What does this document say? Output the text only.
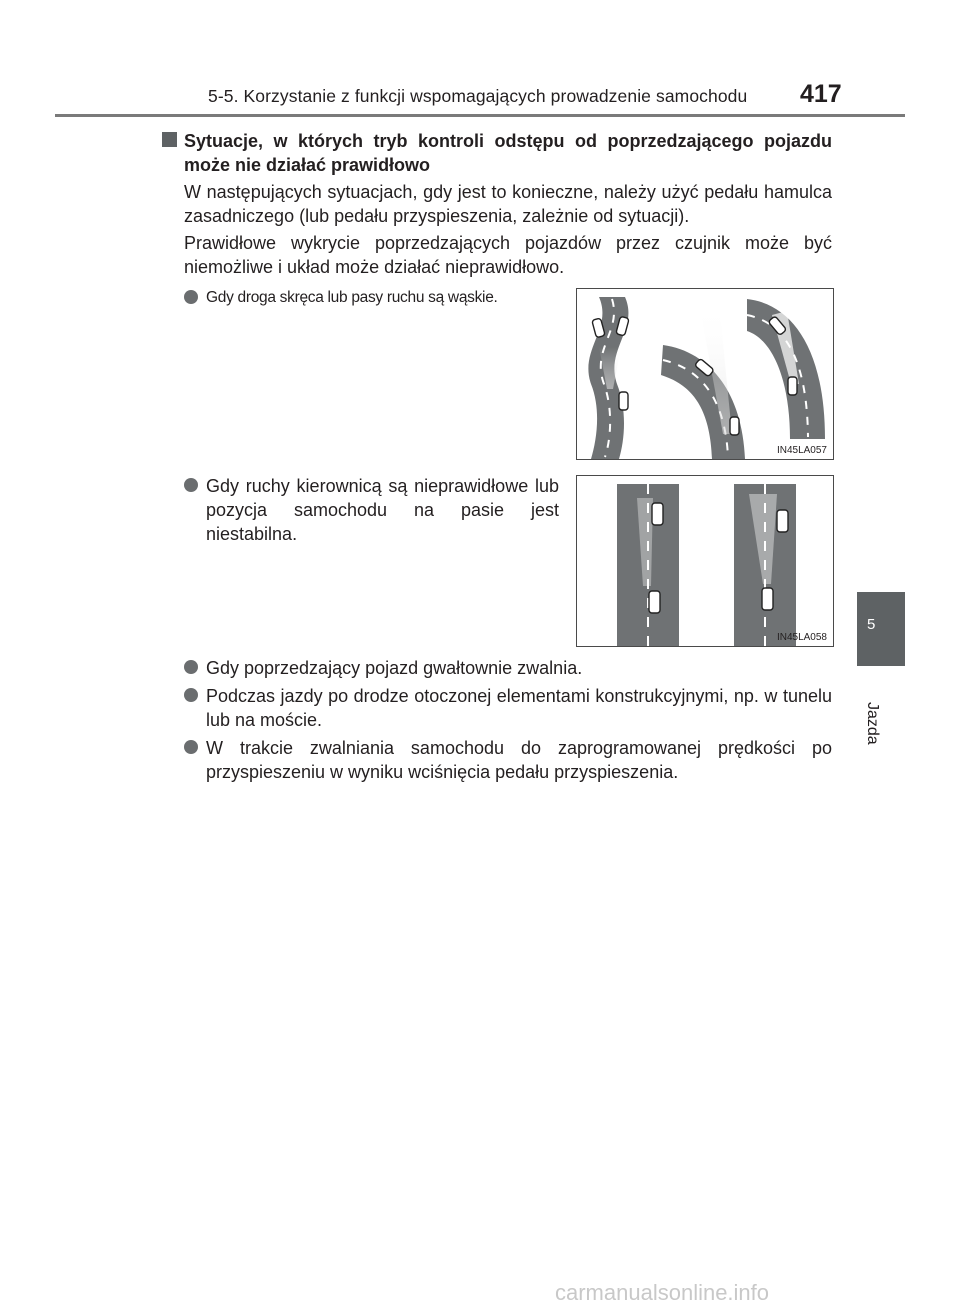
5-5. Korzystanie z funkcji wspomagających prowadzenie samochodu 417
5
Jazda
Sytuacje, w których tryb kontroli odstępu od poprzedzającego pojazdu może nie działać prawidłowo
W następujących sytuacjach, gdy jest to konieczne, należy użyć pedału hamulca zasadniczego (lub pedału przyspieszenia, zależnie od sytuacji).
Prawidłowe wykrycie poprzedzających pojazdów przez czujnik może być niemożliwe i układ może działać nieprawidłowo.
Gdy droga skręca lub pasy ruchu są wąskie.
Gdy ruchy kierownicą są nieprawidłowe lub pozycja samochodu na pasie jest niestabilna.
Gdy poprzedzający pojazd gwałtownie zwalnia.
Podczas jazdy po drodze otoczonej elementami konstrukcyjnymi, np. w tunelu lub na moście.
W trakcie zwalniania samochodu do zaprogramowanej prędkości po przyspieszeniu w wyniku wciśnięcia pedału przyspieszenia.
IN45LA057
IN45LA058
carmanualsonline.info
